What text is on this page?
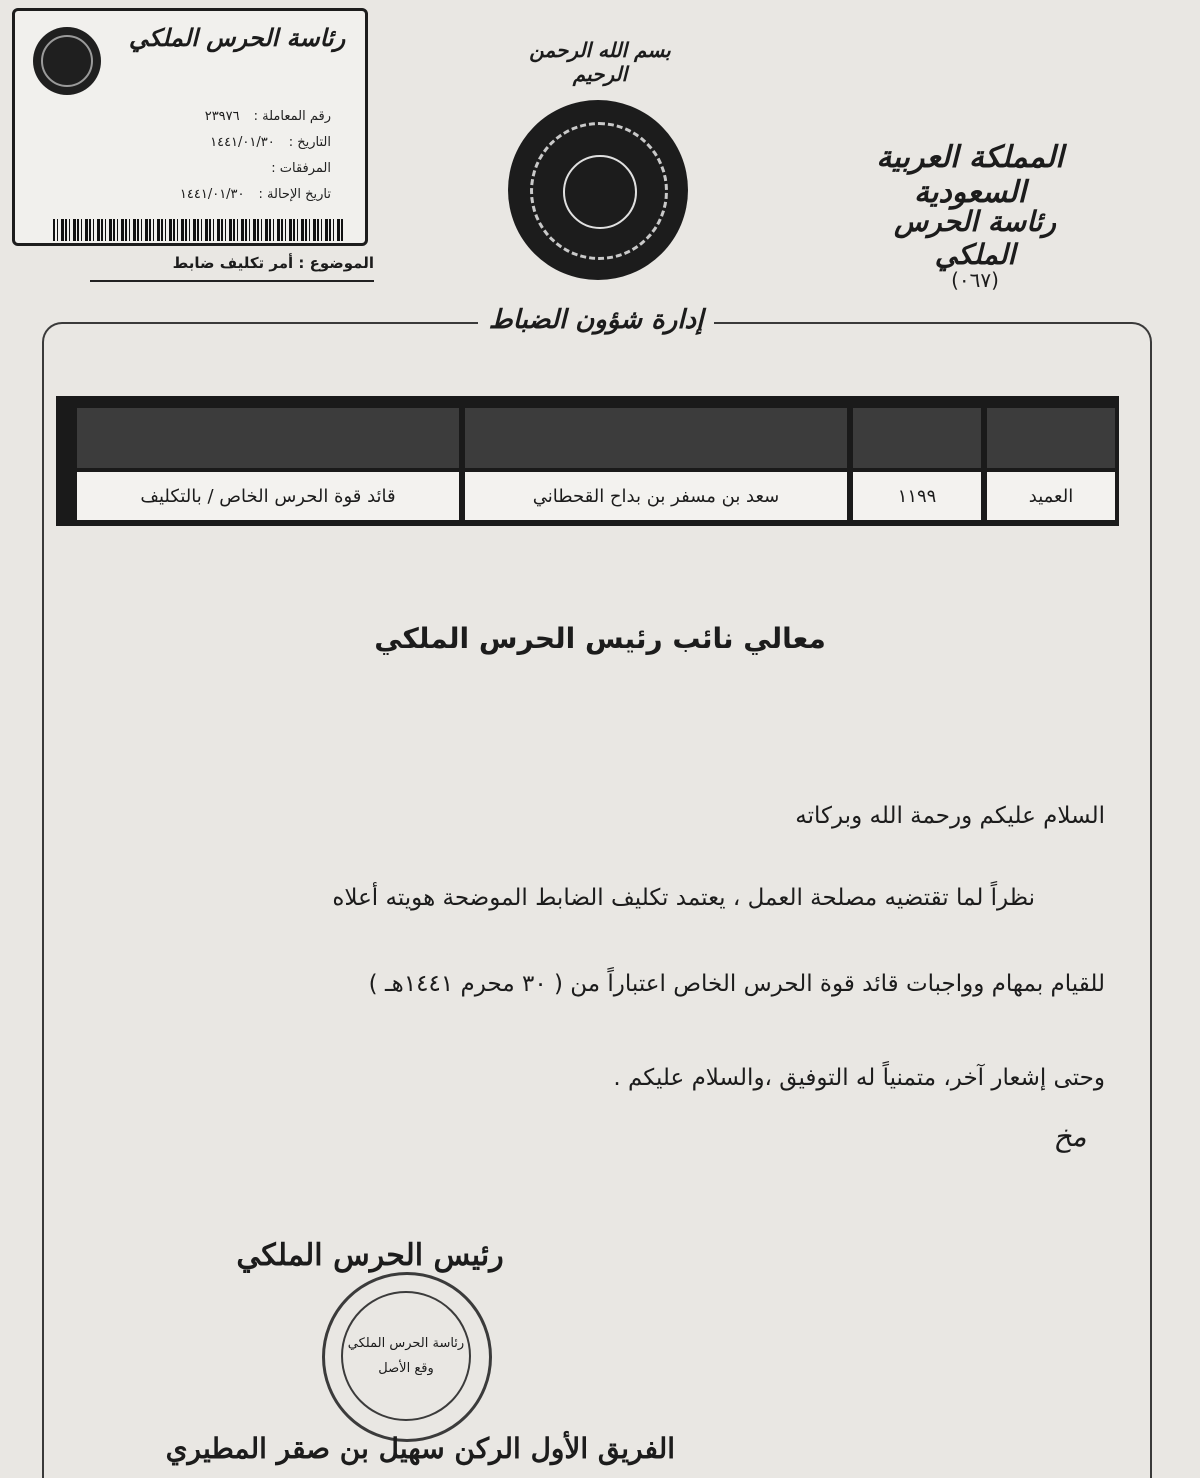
رئاسة الحرس الملكي
رقم المعاملة :٢٣٩٧٦
التاريخ :١٤٤١/٠١/٣٠
المرفقات :
تاريخ الإحالة :١٤٤١/٠١/٣٠
الموضوع : أمر تكليف ضابط
بسم الله الرحمن الرحيم
المملكة العربية السعودية
رئاسة الحرس الملكي
(٠٦٧)
إدارة شؤون الضباط
العميد
١١٩٩
سعد بن مسفر بن بداح القحطاني
قائد قوة الحرس الخاص / بالتكليف
معالي نائب رئيس الحرس الملكي
السلام عليكم ورحمة الله وبركاته
نظراً لما تقتضيه مصلحة العمل ، يعتمد تكليف الضابط الموضحة هويته أعلاه
للقيام بمهام وواجبات قائد قوة الحرس الخاص اعتباراً من ( ٣٠ محرم ١٤٤١هـ )
وحتى إشعار آخر، متمنياً له التوفيق ،والسلام عليكم .
مخ
رئيس الحرس الملكي
رئاسة الحرس الملكي
وقع الأصل
الفريق الأول الركن سهيل بن صقر المطيري
